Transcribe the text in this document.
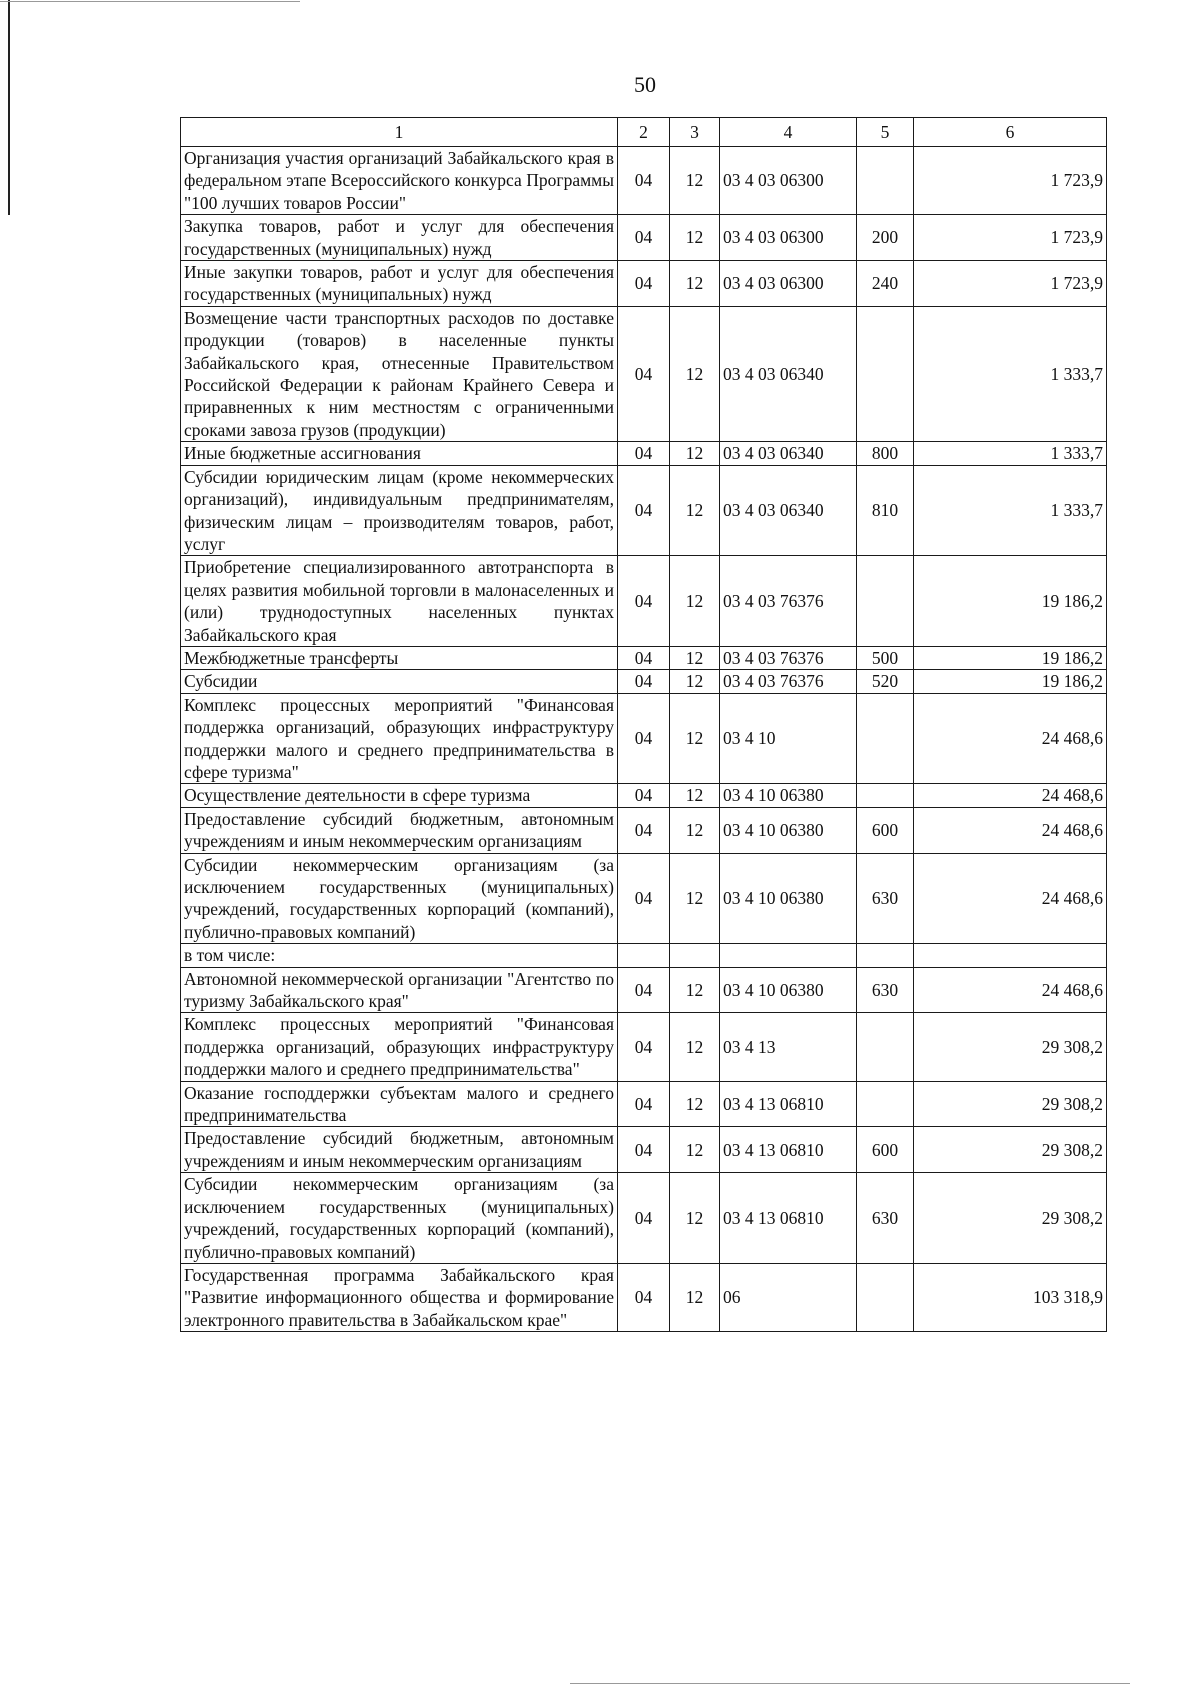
50
1	2	3	4	5	6
Организация участия организаций Забайкальского края в федеральном этапе Всероссийского конкурса Программы "100 лучших товаров России"	04	12	03 4 03 06300		1 723,9
Закупка товаров, работ и услуг для обеспечения государственных (муниципальных) нужд	04	12	03 4 03 06300	200	1 723,9
Иные закупки товаров, работ и услуг для обеспечения государственных (муниципальных) нужд	04	12	03 4 03 06300	240	1 723,9
Возмещение части транспортных расходов по доставке продукции (товаров) в населенные пункты Забайкальского края, отнесенные Правительством Российской Федерации к районам Крайнего Севера и приравненных к ним местностям с ограниченными сроками завоза грузов (продукции)	04	12	03 4 03 06340		1 333,7
Иные бюджетные ассигнования	04	12	03 4 03 06340	800	1 333,7
Субсидии юридическим лицам (кроме некоммерческих организаций), индивидуальным предпринимателям, физическим лицам – производителям товаров, работ, услуг	04	12	03 4 03 06340	810	1 333,7
Приобретение специализированного автотранспорта в целях развития мобильной торговли в малонаселенных и (или) труднодоступных населенных пунктах Забайкальского края	04	12	03 4 03 76376		19 186,2
Межбюджетные трансферты	04	12	03 4 03 76376	500	19 186,2
Субсидии	04	12	03 4 03 76376	520	19 186,2
Комплекс процессных мероприятий "Финансовая поддержка организаций, образующих инфраструктуру поддержки малого и среднего предпринимательства в сфере туризма"	04	12	03 4 10		24 468,6
Осуществление деятельности в сфере туризма	04	12	03 4 10 06380		24 468,6
Предоставление субсидий бюджетным, автономным учреждениям и иным некоммерческим организациям	04	12	03 4 10 06380	600	24 468,6
Субсидии некоммерческим организациям (за исключением государственных (муниципальных) учреждений, государственных корпораций (компаний), публично-правовых компаний)	04	12	03 4 10 06380	630	24 468,6
в том числе:					
Автономной некоммерческой организации "Агентство по туризму Забайкальского края"	04	12	03 4 10 06380	630	24 468,6
Комплекс процессных мероприятий "Финансовая поддержка организаций, образующих инфраструктуру поддержки малого и среднего предпринимательства"	04	12	03 4 13		29 308,2
Оказание господдержки субъектам малого и среднего предпринимательства	04	12	03 4 13 06810		29 308,2
Предоставление субсидий бюджетным, автономным учреждениям и иным некоммерческим организациям	04	12	03 4 13 06810	600	29 308,2
Субсидии некоммерческим организациям (за исключением государственных (муниципальных) учреждений, государственных корпораций (компаний), публично-правовых компаний)	04	12	03 4 13 06810	630	29 308,2
Государственная программа Забайкальского края "Развитие информационного общества и формирование электронного правительства в Забайкальском крае"	04	12	06		103 318,9
